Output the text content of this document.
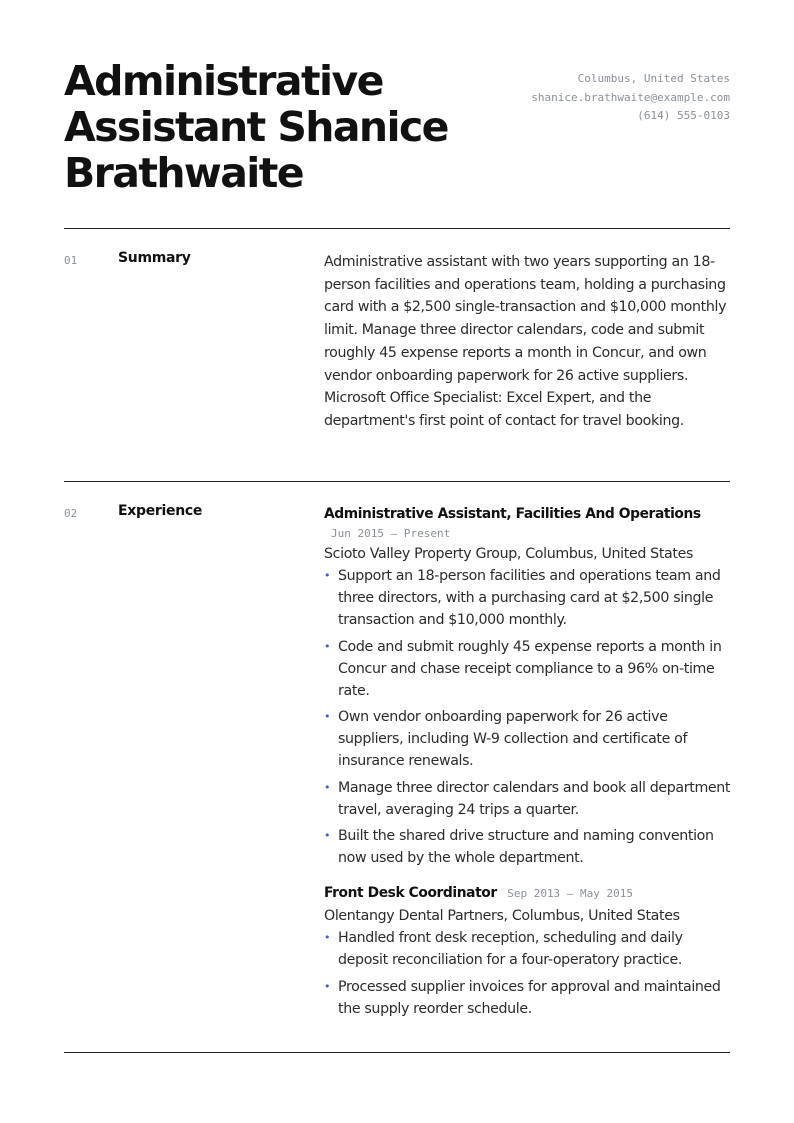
Administrative Assistant Shanice Brathwaite
Columbus, United States
shanice.brathwaite@example.com
(614) 555-0103
01	Summary	Administrative assistant with two years supporting an 18-person facilities and operations team, holding a purchasing card with a $2,500 single-transaction and $10,000 monthly limit. Manage three director calendars, code and submit roughly 45 expense reports a month in Concur, and own vendor onboarding paperwork for 26 active suppliers. Microsoft Office Specialist: Excel Expert, and the department's first point of contact for travel booking.

02	Experience	Administrative Assistant, Facilities And Operations
Jun 2015 — Present
Scioto Valley Property Group, Columbus, United States
• Support an 18-person facilities and operations team and three directors, with a purchasing card at $2,500 single transaction and $10,000 monthly.
• Code and submit roughly 45 expense reports a month in Concur and chase receipt compliance to a 96% on-time rate.
• Own vendor onboarding paperwork for 26 active suppliers, including W-9 collection and certificate of insurance renewals.
• Manage three director calendars and book all department travel, averaging 24 trips a quarter.
• Built the shared drive structure and naming convention now used by the whole department.
Front Desk Coordinator Sep 2013 — May 2015
Olentangy Dental Partners, Columbus, United States
• Handled front desk reception, scheduling and daily deposit reconciliation for a four-operatory practice.
• Processed supplier invoices for approval and maintained the supply reorder schedule.
